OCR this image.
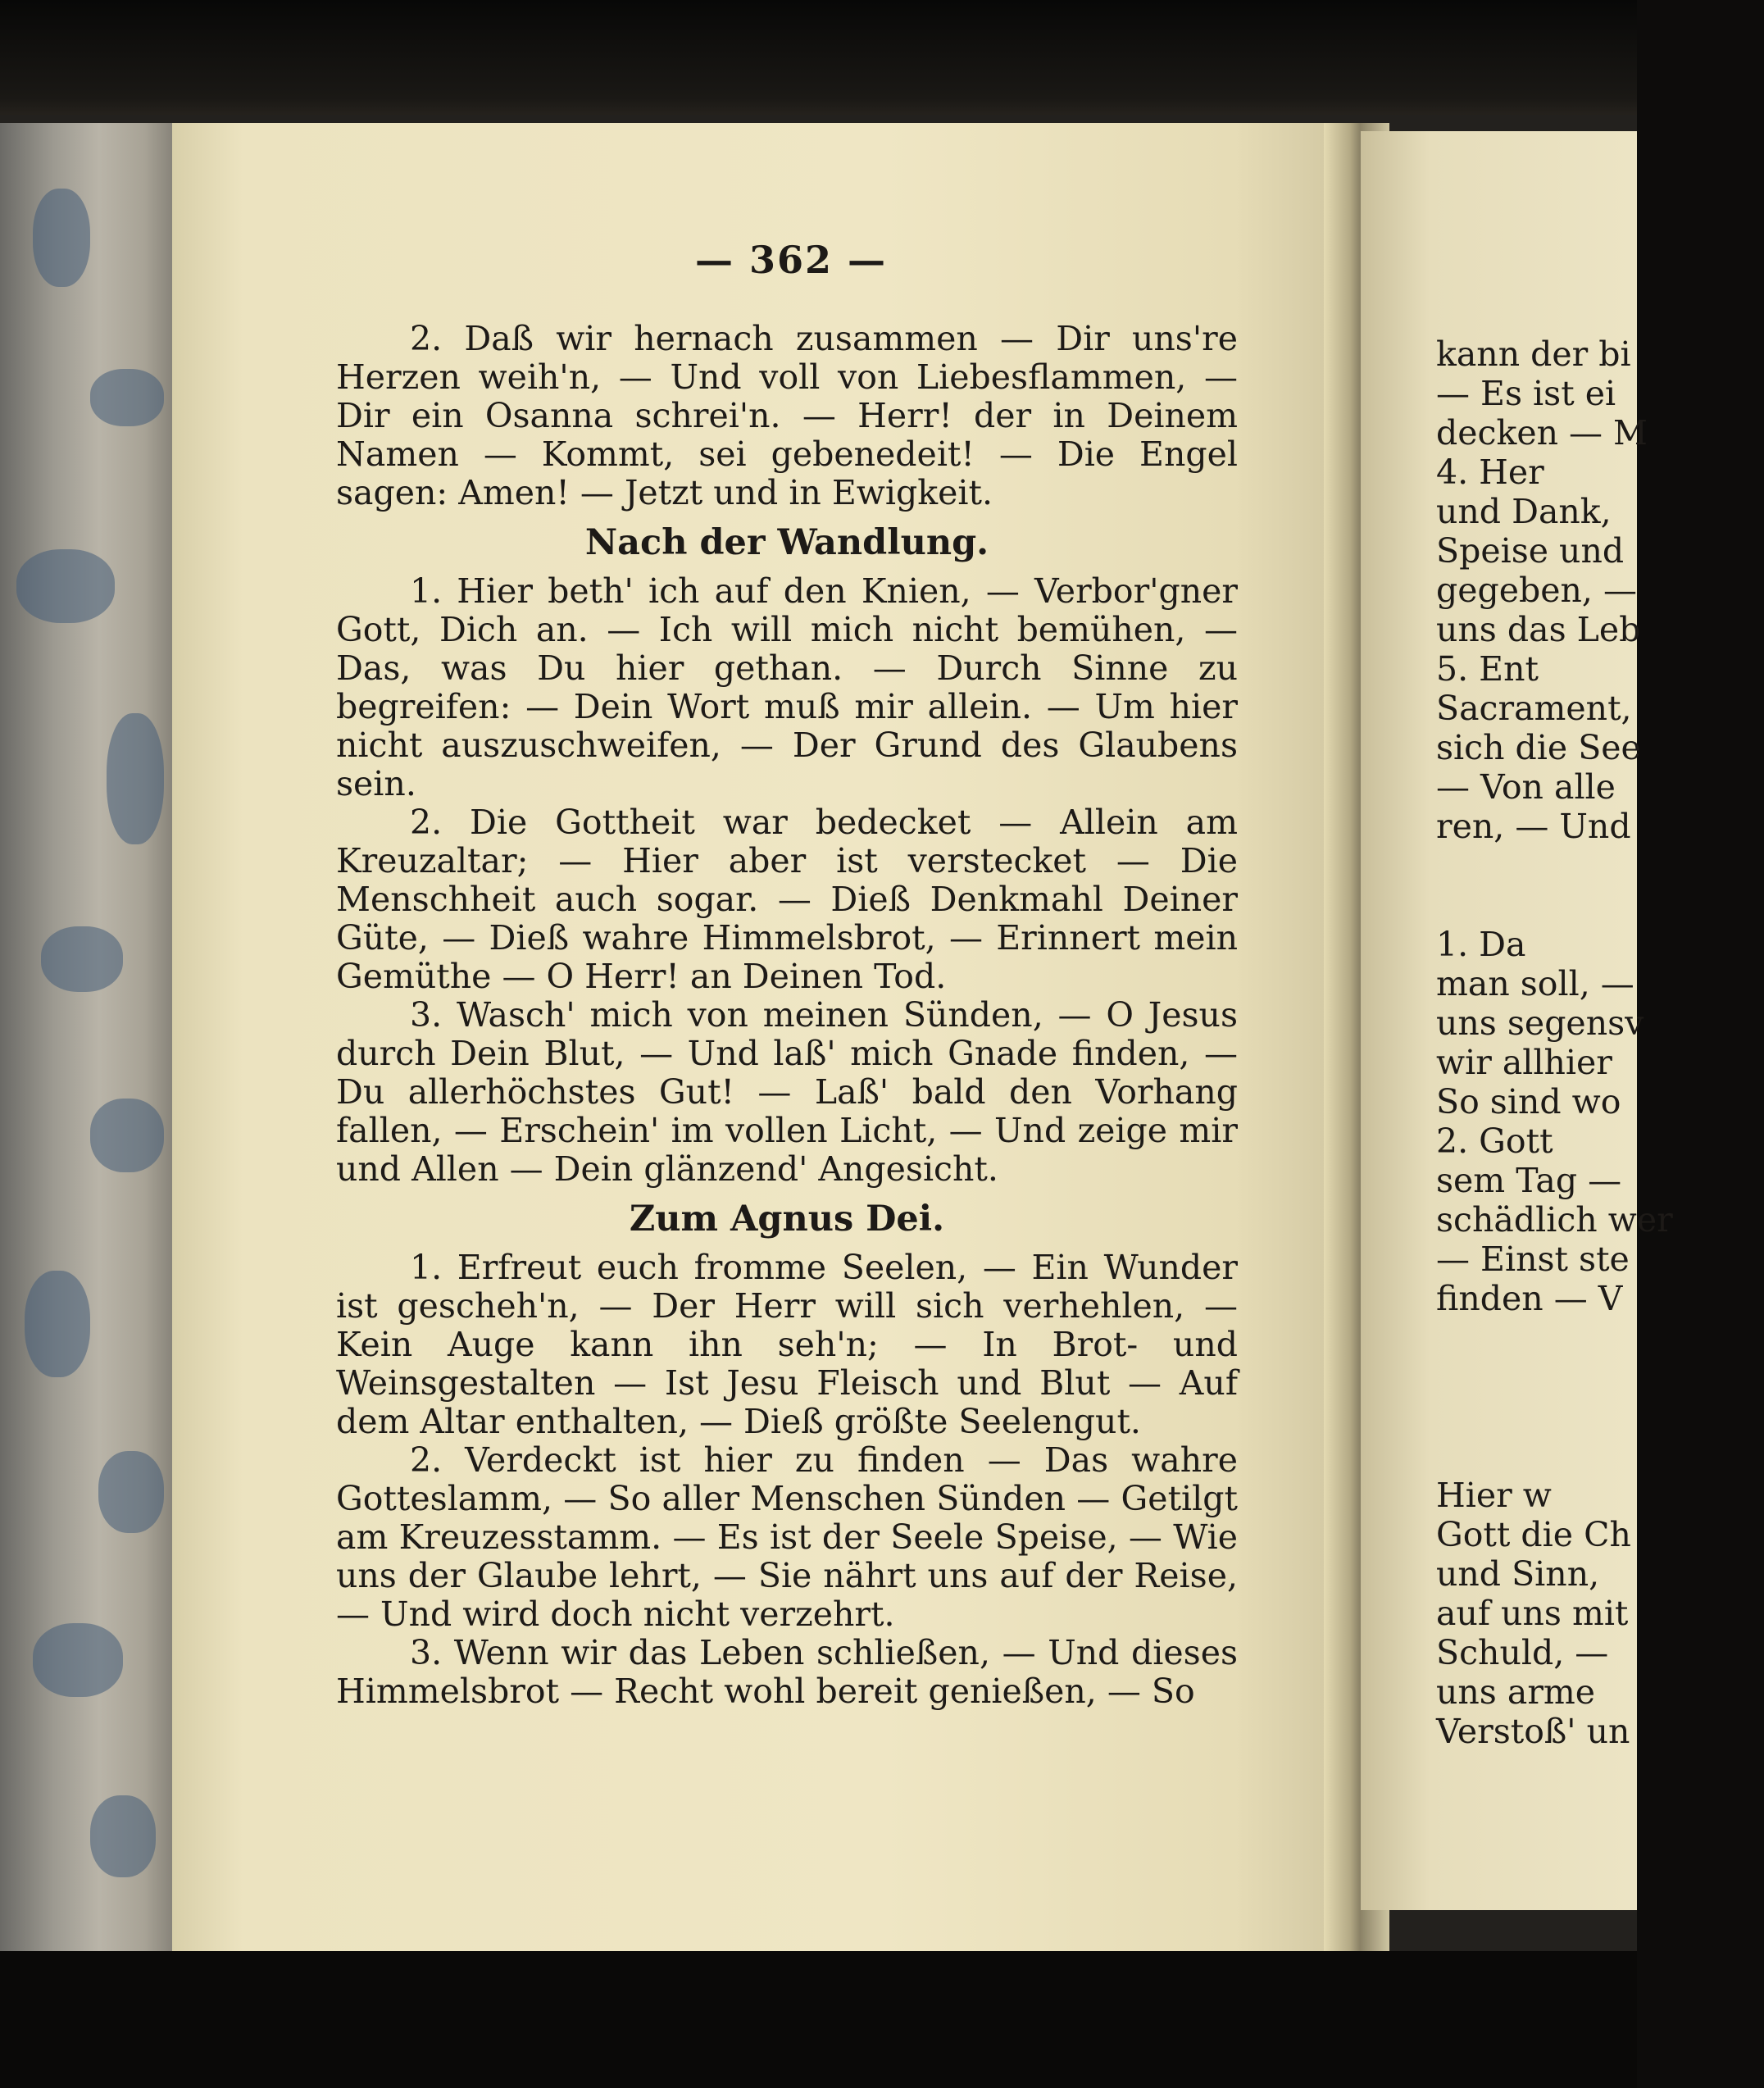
— 362 —

2. Daß wir hernach zusammen — Dir uns're Herzen weih'n, — Und voll von Liebesflammen, — Dir ein Osanna schrei'n. — Herr! der in Deinem Namen — Kommt, sei gebenedeit! — Die Engel sagen: Amen! — Jetzt und in Ewigkeit.

Nach der Wandlung.

1. Hier beth' ich auf den Knien, — Verbor'gner Gott, Dich an. — Ich will mich nicht bemühen, — Das, was Du hier gethan. — Durch Sinne zu begreifen: — Dein Wort muß mir allein. — Um hier nicht auszuschweifen, — Der Grund des Glaubens sein.

2. Die Gottheit war bedecket — Allein am Kreuzaltar; — Hier aber ist verstecket — Die Menschheit auch sogar. — Dieß Denkmahl Deiner Güte, — Dieß wahre Himmelsbrot, — Erinnert mein Gemüthe — O Herr! an Deinen Tod.

3. Wasch' mich von meinen Sünden, — O Jesus durch Dein Blut, — Und laß' mich Gnade finden, — Du allerhöchstes Gut! — Laß' bald den Vorhang fallen, — Erschein' im vollen Licht, — Und zeige mir und Allen — Dein glänzend' Angesicht.

Zum Agnus Dei.

1. Erfreut euch fromme Seelen, — Ein Wunder ist gescheh'n, — Der Herr will sich verhehlen, — Kein Auge kann ihn seh'n; — In Brot- und Weinsgestalten — Ist Jesu Fleisch und Blut — Auf dem Altar enthalten, — Dieß größte Seelengut.

2. Verdeckt ist hier zu finden — Das wahre Gotteslamm, — So aller Menschen Sünden — Getilgt am Kreuzesstamm. — Es ist der Seele Speise, — Wie uns der Glaube lehrt, — Sie nährt uns auf der Reise, — Und wird doch nicht verzehrt.

3. Wenn wir das Leben schließen, — Und dieses Himmelsbrot — Recht wohl bereit genießen, — So

kann der bi
— Es ist ei
decken — M
4. Her
und Dank,
Speise und
gegeben, —
uns das Leb
5. Ent
Sacrament,
sich die See
— Von alle
ren, — Und
1. Da
man soll, —
uns segensv
wir allhier
So sind wo
2. Gott
sem Tag —
schädlich wer
— Einst ste
finden — V
Hier w
Gott die Ch
und Sinn,
auf uns mit
Schuld, —
uns arme
Verstoß' un
